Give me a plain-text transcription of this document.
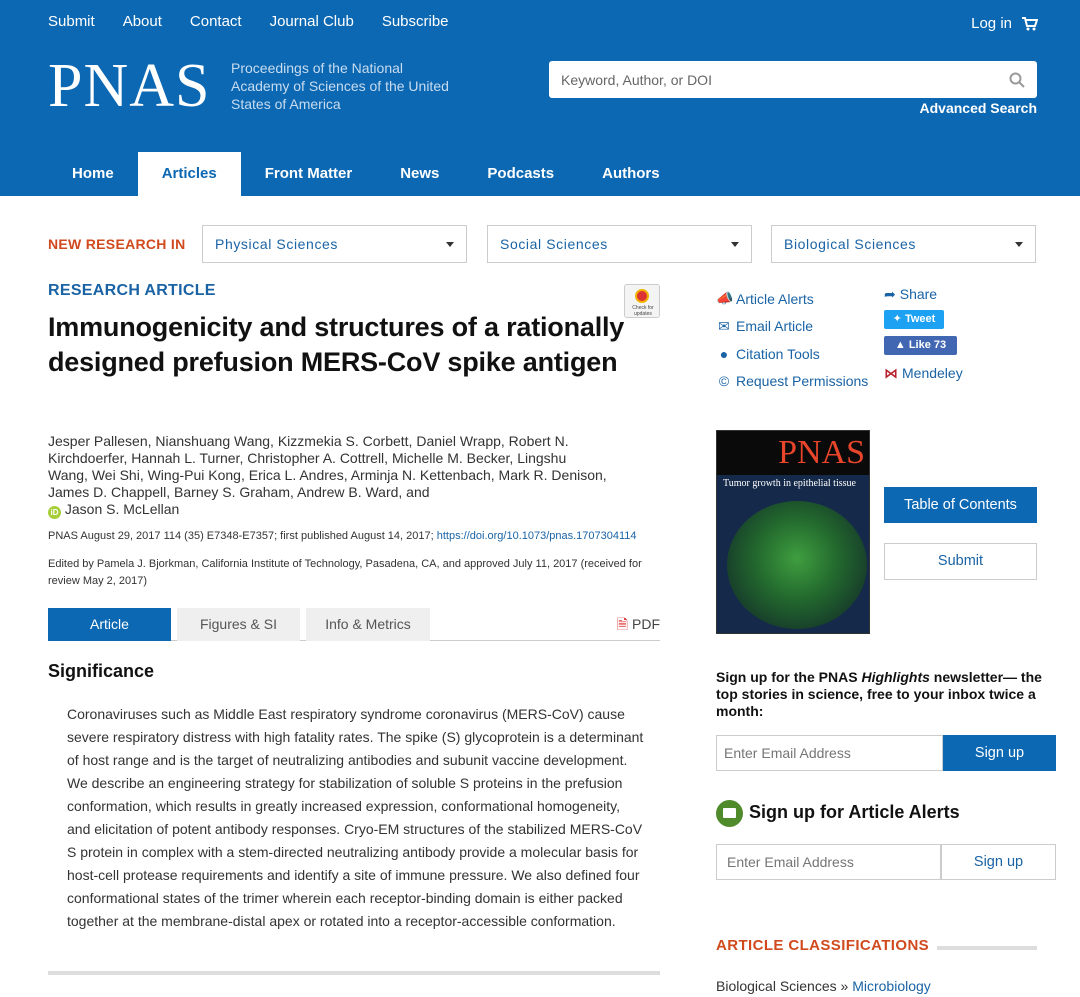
Submit About Contact Journal Club Subscribe	Log in
PNAS Proceedings of the National Academy of Sciences of the United States of America
Keyword, Author, or DOI	Advanced Search
Home	Articles	Front Matter	News	Podcasts	Authors
NEW RESEARCH IN Physical Sciences	Social Sciences	Biological Sciences
RESEARCH ARTICLE
Check for updates
Immunogenicity and structures of a rationally designed prefusion MERS-CoV spike antigen
Jesper Pallesen, Nianshuang Wang, Kizzmekia S. Corbett, Daniel Wrapp, Robert N. Kirchdoerfer, Hannah L. Turner, Christopher A. Cottrell, Michelle M. Becker, Lingshu Wang, Wei Shi, Wing-Pui Kong, Erica L. Andres, Arminja N. Kettenbach, Mark R. Denison, James D. Chappell, Barney S. Graham, Andrew B. Ward, and
iD Jason S. McLellan
PNAS August 29, 2017 114 (35) E7348-E7357; first published August 14, 2017; https://doi.org/10.1073/pnas.1707304114
Edited by Pamela J. Bjorkman, California Institute of Technology, Pasadena, CA, and approved July 11, 2017 (received for review May 2, 2017)
Article	Figures & SI	Info & Metrics	🗎 PDF
Significance
Coronaviruses such as Middle East respiratory syndrome coronavirus (MERS-CoV) cause severe respiratory distress with high fatality rates. The spike (S) glycoprotein is a determinant of host range and is the target of neutralizing antibodies and subunit vaccine development. We describe an engineering strategy for stabilization of soluble S proteins in the prefusion conformation, which results in greatly increased expression, conformational homogeneity, and elicitation of potent antibody responses. Cryo-EM structures of the stabilized MERS-CoV S protein in complex with a stem-directed neutralizing antibody provide a molecular basis for host-cell protease requirements and identify a site of immune pressure. We also defined four conformational states of the trimer wherein each receptor-binding domain is either packed together at the membrane-distal apex or rotated into a receptor-accessible conformation.
📣 Article Alerts
✉ Email Article
● Citation Tools
© Request Permissions
➦ Share
✦ Tweet
▲ Like 73
⋈ Mendeley
PNAS
Tumor growth in epithelial tissue
Table of Contents
Submit
Sign up for the PNAS Highlights newsletter— the top stories in science, free to your inbox twice a month:
Enter Email Address
Sign up
Sign up for Article Alerts
Enter Email Address
Sign up
ARTICLE CLASSIFICATIONS
Biological Sciences » Microbiology
